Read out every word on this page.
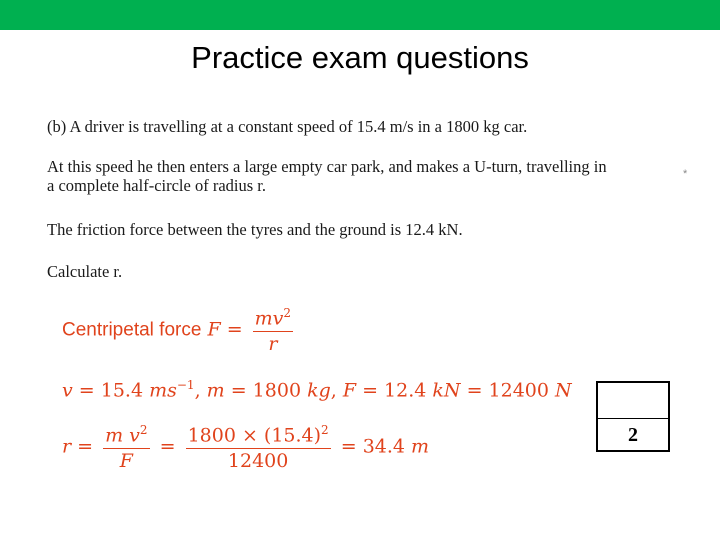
Practice exam questions
(b) A driver is travelling at a constant speed of 15.4 m/s in a 1800 kg car.
At this speed he then enters a large empty car park, and makes a U-turn, travelling in
a complete half-circle of radius r.
The friction force between the tyres and the ground is 12.4 kN.
Calculate r.
*
Centripetal force $F = \frac{mv^2}{r}$
v = 15.4 $ms^{-1}$, m = 1800 kg, F = 12.4 kN = 12400 N
$r = \frac{m v^2}{F} = \frac{1800 \times (15.4)^2}{12400} = 34.4$ m
2
